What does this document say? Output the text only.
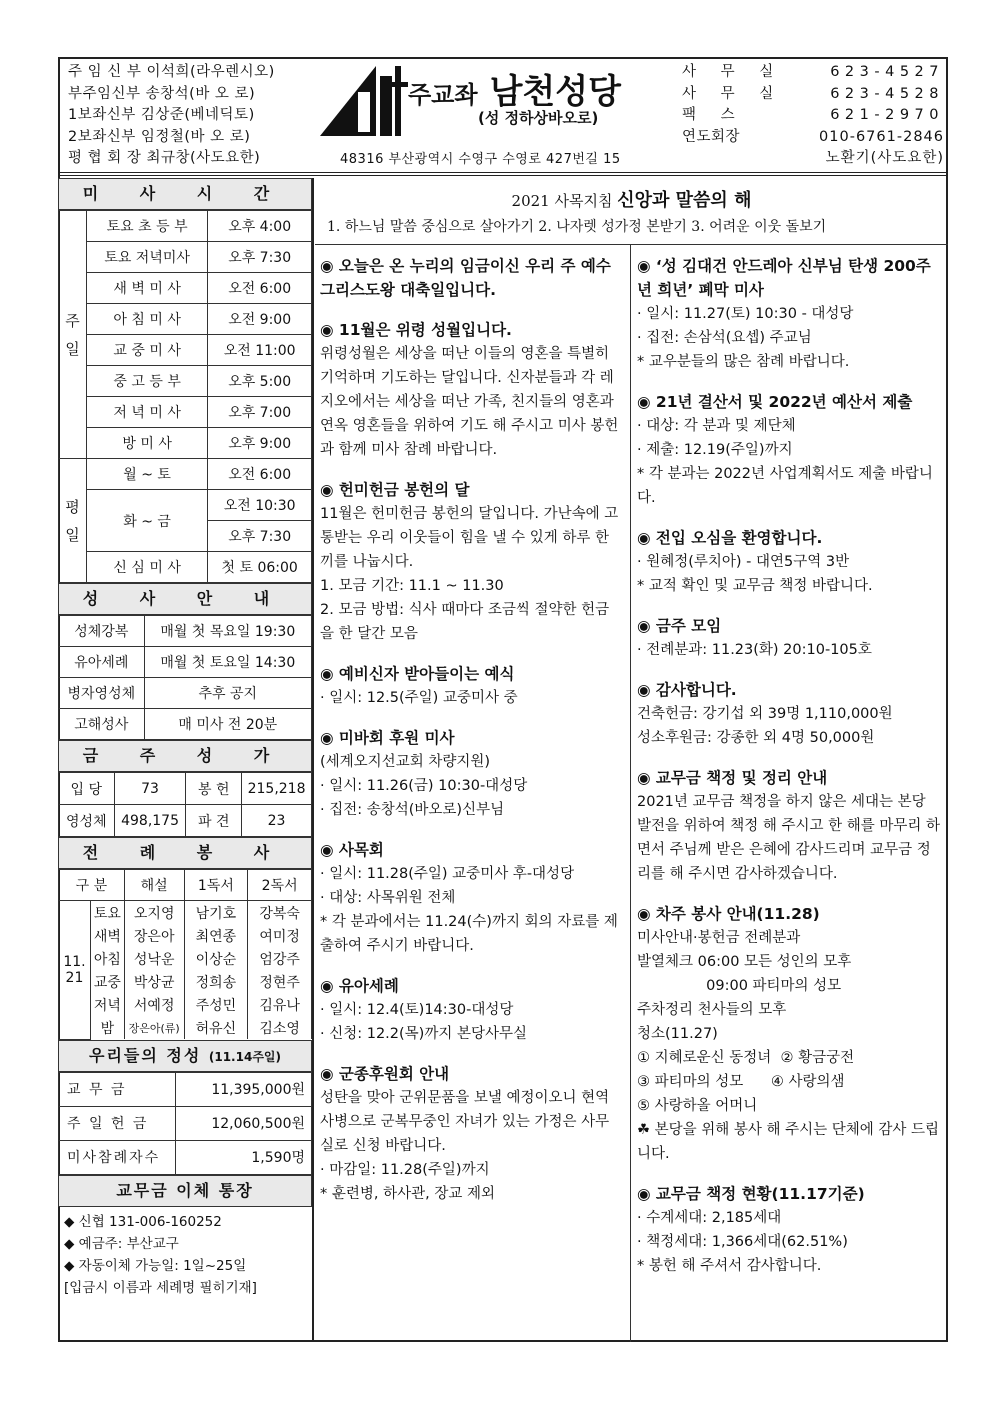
주 임 신 부 이석희(라우렌시오)
부주임신부 송창석(바 오 로)
1보좌신부 김상준(베네딕토)
2보좌신부 임정철(바 오 로)
평 협 회 장 최규창(사도요한)
주교좌 남천성당
(성 정하상바오로)
48316 부산광역시 수영구 수영로 427번길 15
사 무 실	623-4527
사 무 실	623-4528
팩 스	621-2970
연도회장	010-6761-2846
노환기(사도요한)
미 사 시 간
주
일	토요 초 등 부	오후 4:00
	토요 저녁미사	오후 7:30
	새 벽 미 사	오전 6:00
	아 침 미 사	오전 9:00
	교 중 미 사	오전 11:00
	중 고 등 부	오후 5:00
	저 녁 미 사	오후 7:00
	방 미 사	오후 9:00
평
일	월 ~ 토	오전 6:00
	화 ~ 금	오전 10:30
		오후 7:30
	신 심 미 사	첫 토 06:00
성 사 안 내
성체강복	매월 첫 목요일 19:30
유아세례	매월 첫 토요일 14:30
병자영성체	추후 공지
고해성사	매 미사 전 20분
금 주 성 가
입 당	73	봉 헌	215,218
영성체	498,175	파 견	23
전 례 봉 사
구 분		해설	1독서	2독서
11.
21	토요	오지영	남기호	강복숙
	새벽	장은아	최연종	여미정
	아침	성낙운	이상순	엄강주
	교중	박상균	정희송	정현주
	저녁	서예정	주성민	김유나
	밤	장은아(류)	허유신	김소영
우리들의 정성 (11.14주일)
교 무 금	11,395,000원
주 일 헌 금	12,060,500원
미사참례자수	1,590명
교무금 이체 통장
◆ 신협 131-006-160252
◆ 예금주: 부산교구
◆ 자동이체 가능일: 1일~25일
[입금시 이름과 세례명 필히기재]
2021 사목지침 신앙과 말씀의 해
1. 하느님 말씀 중심으로 살아가기 2. 나자렛 성가정 본받기 3. 어려운 이웃 돌보기
◉ 오늘은 온 누리의 임금이신 우리 주 예수 그리스도왕 대축일입니다.
◉ 11월은 위령 성월입니다.
위령성월은 세상을 떠난 이들의 영혼을 특별히 기억하며 기도하는 달입니다. 신자분들과 각 레지오에서는 세상을 떠난 가족, 친지들의 영혼과 연옥 영혼들을 위하여 기도 해 주시고 미사 봉헌과 함께 미사 참례 바랍니다.
◉ 헌미헌금 봉헌의 달
11월은 헌미헌금 봉헌의 달입니다. 가난속에 고통받는 우리 이웃들이 힘을 낼 수 있게 하루 한끼를 나눕시다.
1. 모금 기간: 11.1 ~ 11.30
2. 모금 방법: 식사 때마다 조금씩 절약한 헌금을 한 달간 모음
◉ 예비신자 받아들이는 예식
· 일시: 12.5(주일) 교중미사 중
◉ 미바회 후원 미사
(세계오지선교회 차량지원)
· 일시: 11.26(금) 10:30-대성당
· 집전: 송창석(바오로)신부님
◉ 사목회
· 일시: 11.28(주일) 교중미사 후-대성당
· 대상: 사목위원 전체
* 각 분과에서는 11.24(수)까지 회의 자료를 제출하여 주시기 바랍니다.
◉ 유아세례
· 일시: 12.4(토)14:30-대성당
· 신청: 12.2(목)까지 본당사무실
◉ 군종후원회 안내
성탄을 맞아 군위문품을 보낼 예정이오니 현역사병으로 군복무중인 자녀가 있는 가정은 사무실로 신청 바랍니다.
· 마감일: 11.28(주일)까지
* 훈련병, 하사관, 장교 제외
◉ ‘성 김대건 안드레아 신부님 탄생 200주년 희년’ 폐막 미사
· 일시: 11.27(토) 10:30 - 대성당
· 집전: 손삼석(요셉) 주교님
* 교우분들의 많은 참례 바랍니다.
◉ 21년 결산서 및 2022년 예산서 제출
· 대상: 각 분과 및 제단체
· 제출: 12.19(주일)까지
* 각 분과는 2022년 사업계획서도 제출 바랍니다.
◉ 전입 오심을 환영합니다.
· 원혜정(루치아) - 대연5구역 3반
* 교적 확인 및 교무금 책정 바랍니다.
◉ 금주 모임
· 전례분과: 11.23(화) 20:10-105호
◉ 감사합니다.
건축헌금: 강기섭 외 39명 1,110,000원
성소후원금: 강종한 외 4명 50,000원
◉ 교무금 책정 및 정리 안내
2021년 교무금 책정을 하지 않은 세대는 본당 발전을 위하여 책정 해 주시고 한 해를 마무리 하면서 주님께 받은 은혜에 감사드리며 교무금 정리를 해 주시면 감사하겠습니다.
◉ 차주 봉사 안내(11.28)
미사안내·봉헌금 전례분과
발열체크 06:00 모든 성인의 모후
09:00 파티마의 성모
주차정리 천사들의 모후
청소(11.27)
① 지혜로운신 동정녀  ② 황금궁전
③ 파티마의 성모      ④ 사랑의샘
⑤ 사랑하올 어머니
☘ 본당을 위해 봉사 해 주시는 단체에 감사 드립니다.
◉ 교무금 책정 현황(11.17기준)
· 수계세대: 2,185세대
· 책정세대: 1,366세대(62.51%)
* 봉헌 해 주셔서 감사합니다.
